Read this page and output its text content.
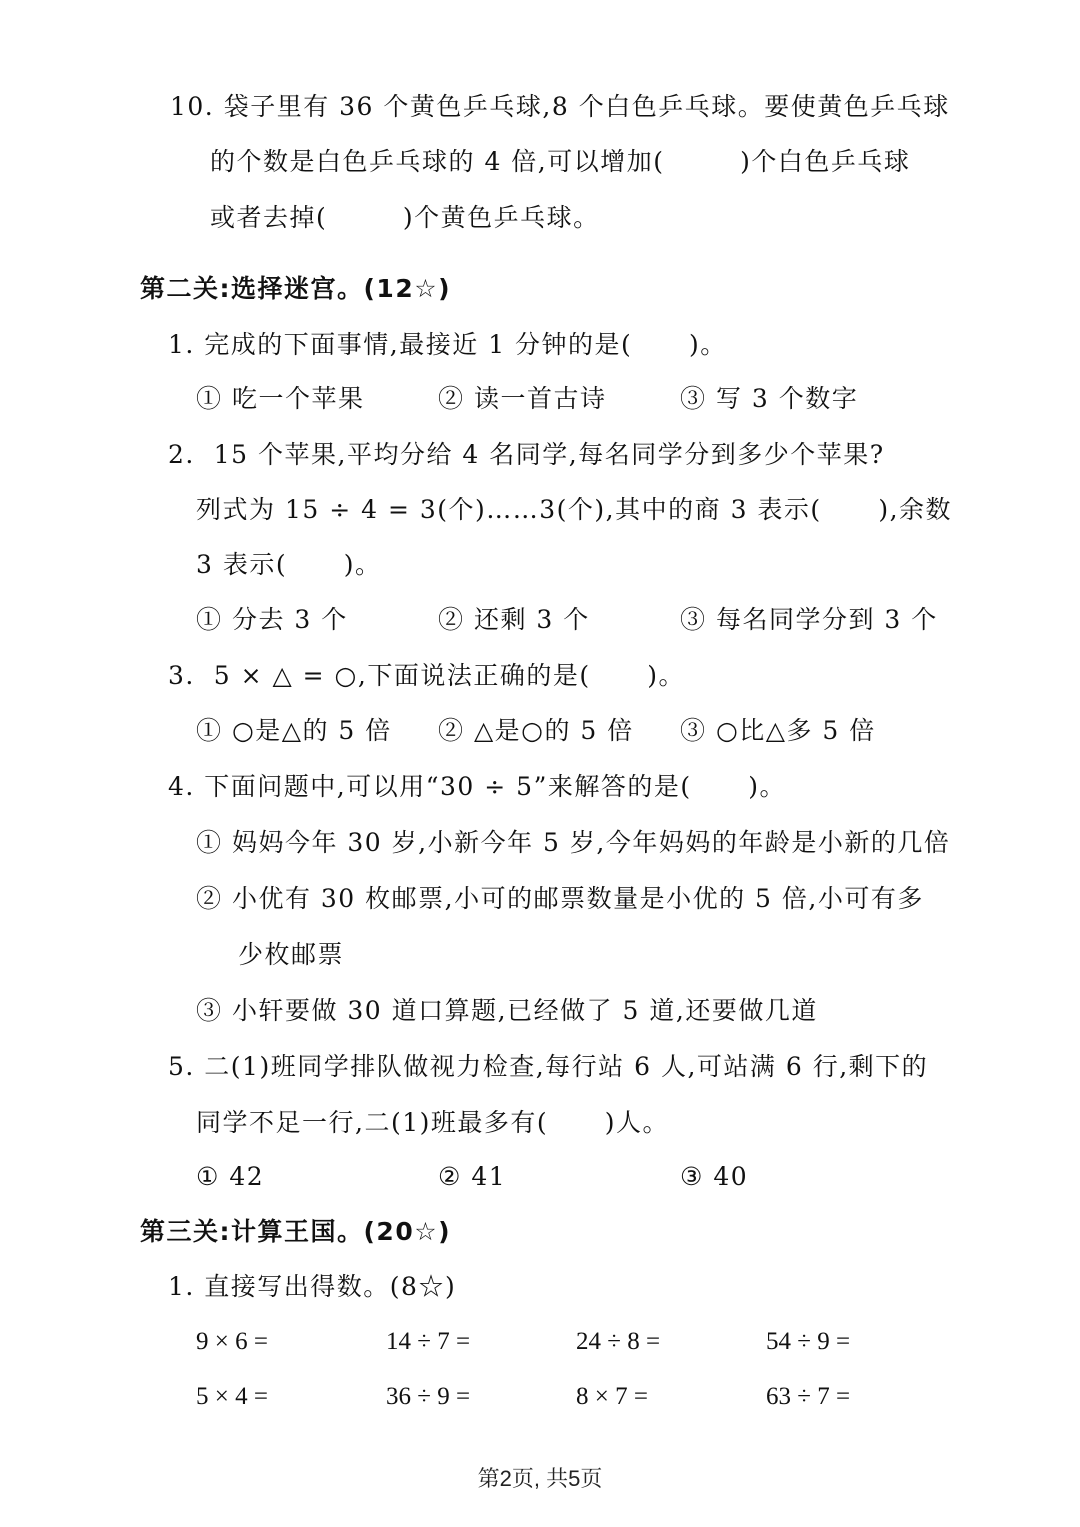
10. 袋子里有 36 个黄色乒乓球,8 个白色乒乓球。要使黄色乒乓球
的个数是白色乒乓球的 4 倍,可以增加(        )个白色乒乓球
或者去掉(        )个黄色乒乓球。
第二关:选择迷宫。(12☆)
1. 完成的下面事情,最接近 1 分钟的是(      )。
① 吃一个苹果	② 读一首古诗	③ 写 3 个数字
2.  15 个苹果,平均分给 4 名同学,每名同学分到多少个苹果?
列式为 15 ÷ 4 = 3(个)……3(个),其中的商 3 表示(      ),余数
3 表示(      )。
① 分去 3 个	② 还剩 3 个	③ 每名同学分到 3 个
3.  5 × △ = ○,下面说法正确的是(      )。
① ○是△的 5 倍 ② △是○的 5 倍 ③ ○比△多 5 倍
4. 下面问题中,可以用“30 ÷ 5”来解答的是(      )。
① 妈妈今年 30 岁,小新今年 5 岁,今年妈妈的年龄是小新的几倍
② 小优有 30 枚邮票,小可的邮票数量是小优的 5 倍,小可有多
少枚邮票
③ 小轩要做 30 道口算题,已经做了 5 道,还要做几道
5. 二(1)班同学排队做视力检查,每行站 6 人,可站满 6 行,剩下的
同学不足一行,二(1)班最多有(      )人。
① 42	② 41	③ 40
第三关:计算王国。(20☆)
1. 直接写出得数。(8☆)
9 × 6 =	14 ÷ 7 =	24 ÷ 8 =	54 ÷ 9 =
5 × 4 =	36 ÷ 9 =	8 × 7 =	63 ÷ 7 =
第2页, 共5页
